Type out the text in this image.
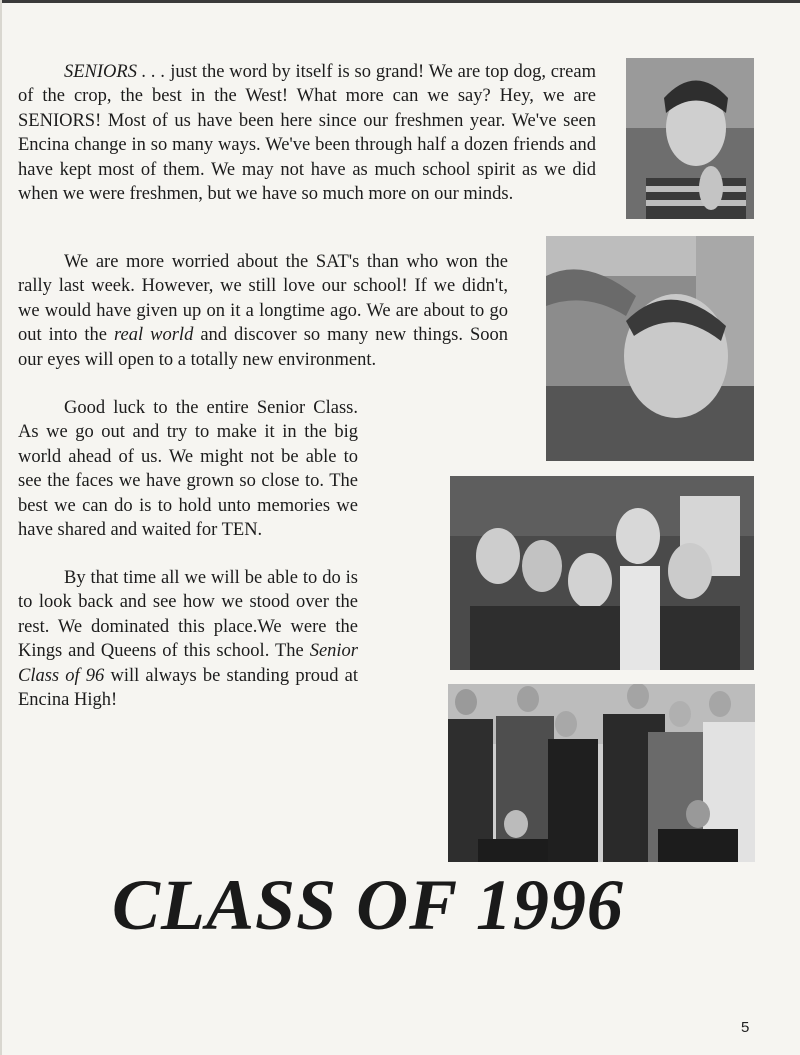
SENIORS . . . just the word by itself is so grand! We are top dog, cream of the crop, the best in the West! What more can we say? Hey, we are SENIORS! Most of us have been here since our freshmen year. We've seen Encina change in so many ways. We've been through half a dozen friends and have kept most of them. We may not have as much school spirit as we did when we were freshmen, but we have so much more on our minds.

We are more worried about the SAT's than who won the rally last week. However, we still love our school! If we didn't, we would have given up on it a longtime ago. We are about to go out into the real world and discover so many new things. Soon our eyes will open to a totally new environment.

Good luck to the entire Senior Class. As we go out and try to make it in the big world ahead of us. We might not be able to see the faces we have grown so close to. The best we can do is to hold unto memories we have shared and waited for TEN.

By that time all we will be able to do is to look back and see how we stood over the rest. We dominated this place.We were the Kings and Queens of this school. The Senior Class of 96 will always be standing proud at Encina High!

CLASS OF 1996
5
